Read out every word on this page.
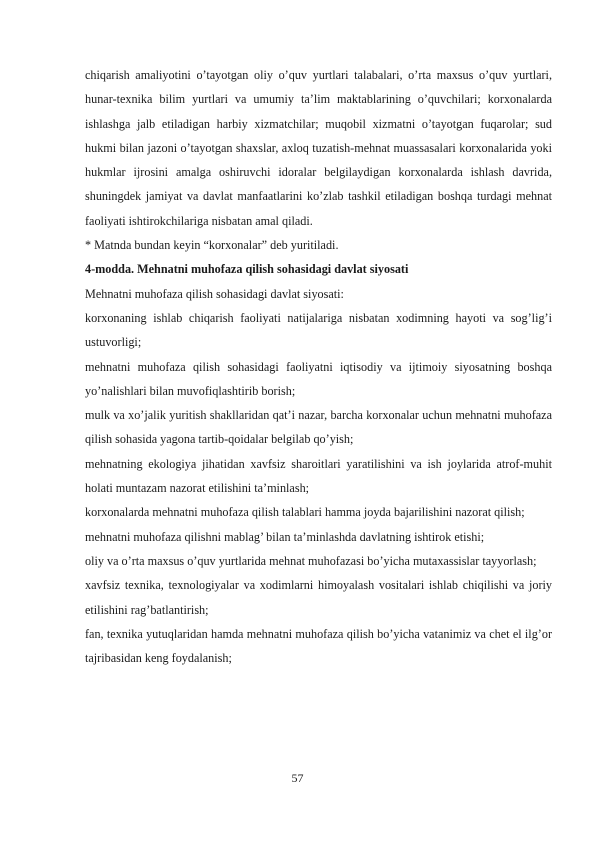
chiqarish amaliyotini o’tayotgan oliy o’quv yurtlari talabalari, o’rta maxsus o’quv yurtlari, hunar-texnika bilim yurtlari va umumiy ta’lim maktablarining o’quvchilari; korxonalarda ishlashga jalb etiladigan harbiy xizmatchilar; muqobil xizmatni o’tayotgan fuqarolar; sud hukmi bilan jazoni o’tayotgan shaxslar, axloq tuzatish-mehnat muassasalari korxonalarida yoki hukmlar ijrosini amalga oshiruvchi idoralar belgilaydigan korxonalarda ishlash davrida, shuningdek jamiyat va davlat manfaatlarini ko’zlab tashkil etiladigan boshqa turdagi mehnat faoliyati ishtirokchilariga nisbatan amal qiladi.

* Matnda bundan keyin “korxonalar” deb yuritiladi.

4-modda. Mehnatni muhofaza qilish sohasidagi davlat siyosati

Mehnatni muhofaza qilish sohasidagi davlat siyosati:

korxonaning ishlab chiqarish faoliyati natijalariga nisbatan xodimning hayoti va sog’lig’i ustuvorligi;

mehnatni muhofaza qilish sohasidagi faoliyatni iqtisodiy va ijtimoiy siyosatning boshqa yo’nalishlari bilan muvofiqlashtirib borish;

mulk va xo’jalik yuritish shakllaridan qat’i nazar, barcha korxonalar uchun mehnatni muhofaza qilish sohasida yagona tartib-qoidalar belgilab qo’yish;

mehnatning ekologiya jihatidan xavfsiz sharoitlari yaratilishini va ish joylarida atrof-muhit holati muntazam nazorat etilishini ta’minlash;

korxonalarda mehnatni muhofaza qilish talablari hamma joyda bajarilishini nazorat qilish;

mehnatni muhofaza qilishni mablag’ bilan ta’minlashda davlatning ishtirok etishi;

oliy va o’rta maxsus o’quv yurtlarida mehnat muhofazasi bo’yicha mutaxassislar tayyorlash;

xavfsiz texnika, texnologiyalar va xodimlarni himoyalash vositalari ishlab chiqilishi va joriy etilishini rag’batlantirish;

fan, texnika yutuqlaridan hamda mehnatni muhofaza qilish bo’yicha vatanimiz va chet el ilg’or tajribasidan keng foydalanish;

57
